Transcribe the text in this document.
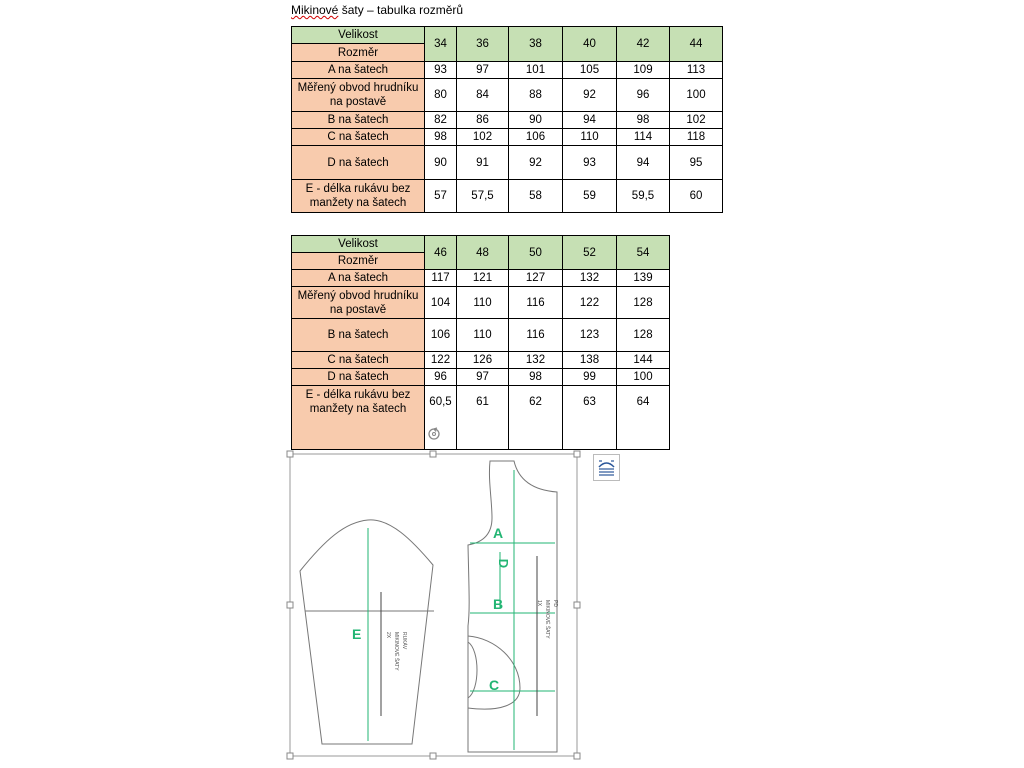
Mikinové šaty – tabulka rozměrů
Velikost	34	36	38	40	42	44
Rozměr						
A na šatech	93	97	101	105	109	113
Měřený obvod hrudníku
na postavě	80	84	88	92	96	100
B na šatech	82	86	90	94	98	102
C na šatech	98	102	106	110	114	118
D na šatech	90	91	92	93	94	95
E - délka rukávu bez
manžety na šatech	57	57,5	58	59	59,5	60
Velikost	46	48	50	52	54
Rozměr					
A na šatech	117	121	127	132	139
Měřený obvod hrudníku
na postavě	104	110	116	122	128
B na šatech	106	110	116	123	128
C na šatech	122	126	132	138	144
D na šatech	96	97	98	99	100
E - délka rukávu bez
manžety na šatech	60,5	61	62	63	64
E
A
D
B
C
RUKÁV
MIKINOVÉ ŠATY
2X
PD
MIKINOVÉ ŠATY
1X
